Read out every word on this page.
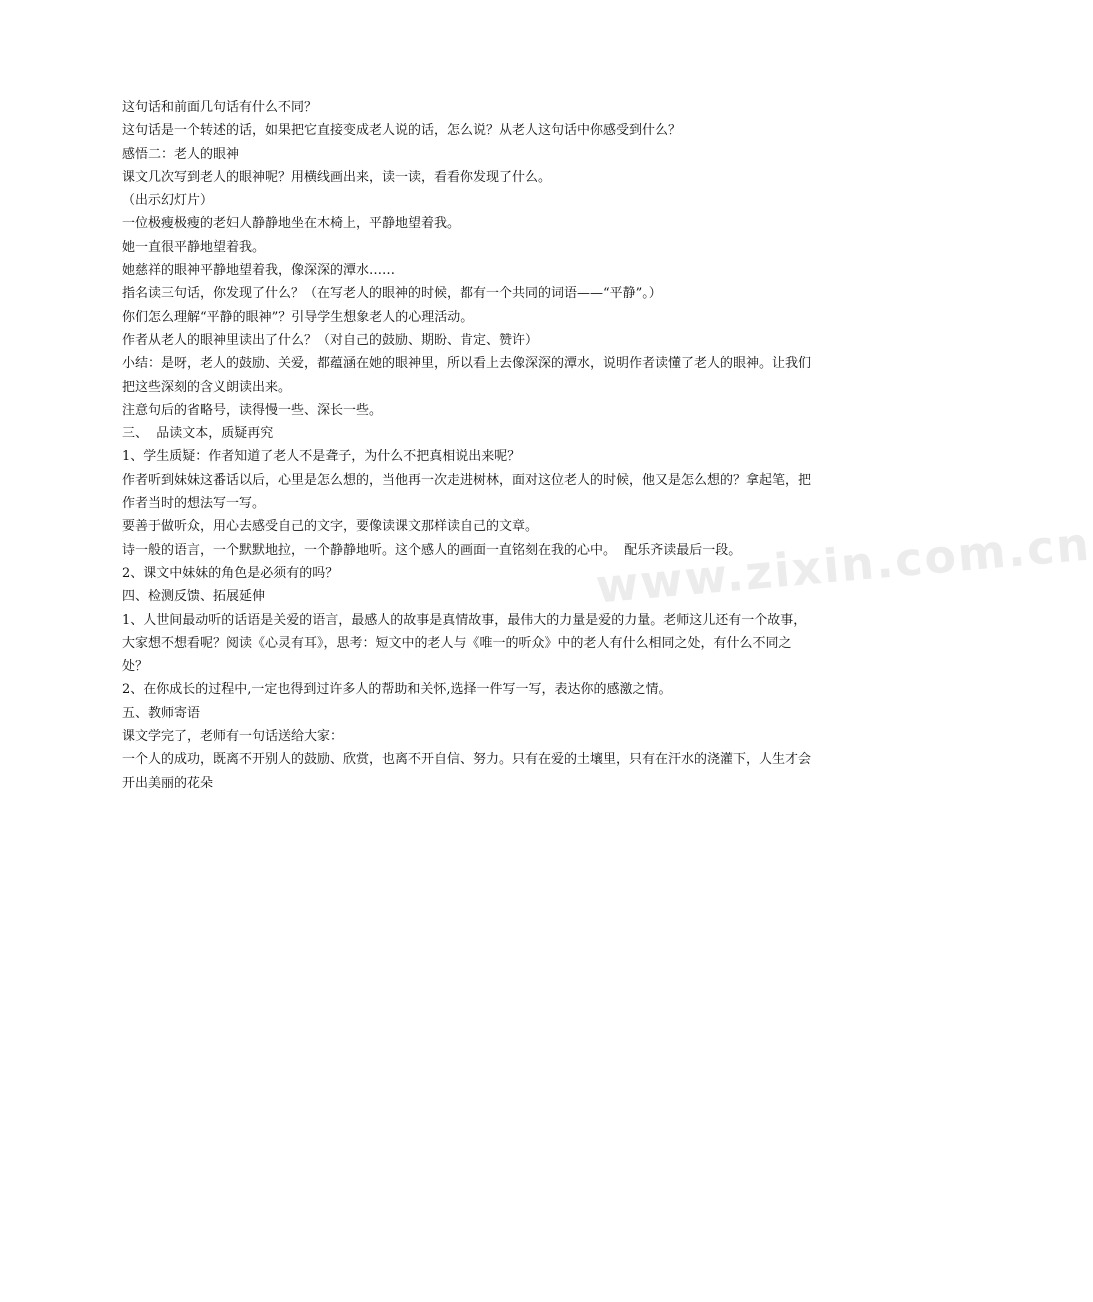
这句话和前面几句话有什么不同？

这句话是一个转述的话，如果把它直接变成老人说的话，怎么说？从老人这句话中你感受到什么？

感悟二：老人的眼神

课文几次写到老人的眼神呢？用横线画出来，读一读，看看你发现了什么。

（出示幻灯片）

一位极瘦极瘦的老妇人静静地坐在木椅上，平静地望着我。

她一直很平静地望着我。

她慈祥的眼神平静地望着我，像深深的潭水……

指名读三句话，你发现了什么？（在写老人的眼神的时候，都有一个共同的词语——“平静”。）

你们怎么理解“平静的眼神”？引导学生想象老人的心理活动。

作者从老人的眼神里读出了什么？（对自己的鼓励、期盼、肯定、赞许）

小结：是呀，老人的鼓励、关爱，都蕴涵在她的眼神里，所以看上去像深深的潭水，说明作者读懂了老人的眼神。让我们把这些深刻的含义朗读出来。

注意句后的省略号，读得慢一些、深长一些。

三、  品读文本，质疑再究

1、学生质疑：作者知道了老人不是聋子，为什么不把真相说出来呢？

作者听到妹妹这番话以后，心里是怎么想的，当他再一次走进树林，面对这位老人的时候，他又是怎么想的？拿起笔，把作者当时的想法写一写。

要善于做听众，用心去感受自己的文字，要像读课文那样读自己的文章。

诗一般的语言，一个默默地拉，一个静静地听。这个感人的画面一直铭刻在我的心中。  配乐齐读最后一段。

2、课文中妹妹的角色是必须有的吗？

四、检测反馈、拓展延伸

1、人世间最动听的话语是关爱的语言，最感人的故事是真情故事，最伟大的力量是爱的力量。老师这儿还有一个故事，大家想不想看呢？阅读《心灵有耳》，思考：短文中的老人与《唯一的听众》中的老人有什么相同之处，有什么不同之处？

2、在你成长的过程中,一定也得到过许多人的帮助和关怀,选择一件写一写，表达你的感激之情。

五、教师寄语

课文学完了，老师有一句话送给大家：

一个人的成功，既离不开别人的鼓励、欣赏，也离不开自信、努力。只有在爱的土壤里，只有在汗水的浇灌下，人生才会开出美丽的花朵

www.zixin.com.cn
